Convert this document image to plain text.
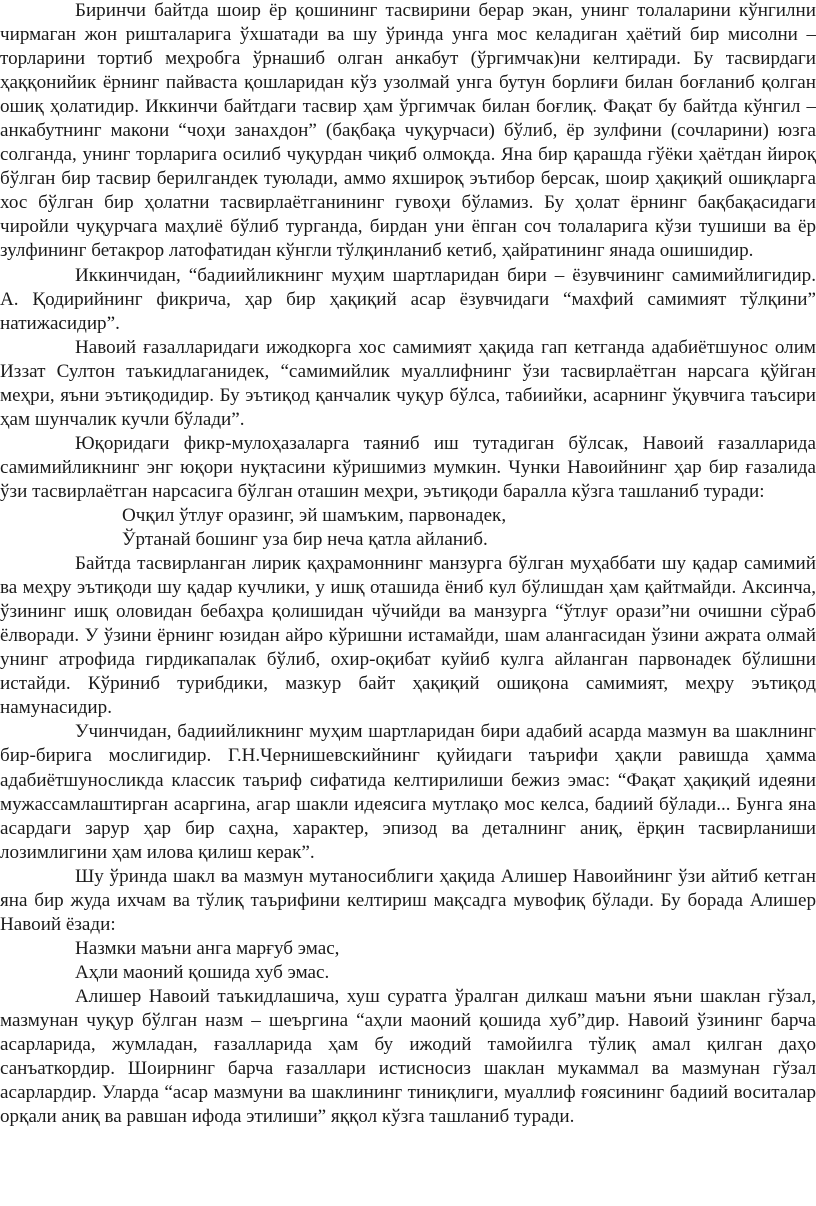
Биринчи байтда шоир ёр қошининг тасвирини берар экан, унинг толаларини кўнгилни чирмаган жон ришталарига ўхшатади ва шу ўринда унга мос келадиган ҳаётий бир мисолни – торларини тортиб меҳробга ўрнашиб олган анкабут (ўргимчак)ни келтиради. Бу тасвирдаги ҳаққонийик ёрнинг пайваста қошларидан кўз узолмай унга бутун борлиғи билан боғланиб қолган ошиқ ҳолатидир. Иккинчи байтдаги тасвир ҳам ўргимчак билан боғлиқ. Фақат бу байтда кўнгил – анкабутнинг макони “чоҳи занахдон” (бақбақа чуқурчаси) бўлиб, ёр зулфини (сочларини) юзга солганда, унинг торларига осилиб чуқурдан чиқиб олмоқда. Яна бир қарашда гўёки ҳаётдан йироқ бўлган бир тасвир берилгандек туюлади, аммо яхшироқ эътибор берсак, шоир ҳақиқий ошиқларга хос бўлган бир ҳолатни тасвирлаётганининг гувоҳи бўламиз. Бу ҳолат ёрнинг бақбақасидаги чиройли чуқурчага маҳлиё бўлиб турганда, бирдан уни ёпган соч толаларига кўзи тушиши ва ёр зулфининг бетакрор латофатидан кўнгли тўлқинланиб кетиб, ҳайратининг янада ошишидир.

Иккинчидан, “бадиийликнинг муҳим шартларидан бири – ёзувчининг самимийлигидир. А. Қодирийнинг фикрича, ҳар бир ҳақиқий асар ёзувчидаги “махфий самимият тўлқини” натижасидир”.

Навоий ғазалларидаги ижодкорга хос самимият ҳақида гап кетганда адабиётшунос олим Иззат Султон таъкидлаганидек, “самимийлик муаллифнинг ўзи тасвирлаётган нарсага қўйган меҳри, яъни эътиқодидир. Бу эътиқод қанчалик чуқур бўлса, табиийки, асарнинг ўқувчига таъсири ҳам шунчалик кучли бўлади”.

Юқоридаги фикр-мулоҳазаларга таяниб иш тутадиган бўлсак, Навоий ғазалларида самимийликнинг энг юқори нуқтасини кўришимиз мумкин. Чунки Навоийнинг ҳар бир ғазалида ўзи тасвирлаётган нарсасига бўлган оташин меҳри, эътиқоди бaралла кўзга ташланиб туради:

Очқил ўтлуғ оразинг, эй шамъким, парвонадек,

Ўртанай бошинг уза бир неча қатла айланиб.

Байтда тасвирланган лирик қаҳрамоннинг манзурга бўлган муҳаббати шу қадар самимий ва меҳру эътиқоди шу қадар кучлики, у ишқ оташида ёниб кул бўлишдан ҳам қайтмайди. Аксинча, ўзининг ишқ оловидан бебаҳра қолишидан чўчийди ва манзурга “ўтлуғ орази”ни очишни сўраб ёлворади. У ўзини ёрнинг юзидан айро кўришни истамайди, шам алангасидан ўзини ажрата олмай унинг атрофида гирдикапалак бўлиб, охир-оқибат куйиб кулга айланган парвонадек бўлишни истайди. Кўриниб турибдики, мазкур байт ҳақиқий ошиқона самимият, меҳру эътиқод намунасидир.

Учинчидан, бадиийликнинг муҳим шартларидан бири адабий асарда мазмун ва шаклнинг бир-бирига мослигидир. Г.Н.Чернишевскийнинг қуйидаги таърифи ҳақли равишда ҳамма адабиётшуносликда классик таъриф сифатида келтирилиши бежиз эмас: “Фақат ҳақиқий идеяни мужассамлаштирган асаргина, агар шакли идеясига мутлақо мос келса, бадиий бўлади... Бунга яна асардаги зарур ҳар бир саҳна, характер, эпизод ва деталнинг аниқ, ёрқин тасвирланиши лозимлигини ҳам илова қилиш керак”.

Шу ўринда шакл ва мазмун мутаносиблиги ҳақида Алишер Навоийнинг ўзи айтиб кетган яна бир жуда ихчам ва тўлиқ таърифини келтириш мақсадга мувофиқ бўлади. Бу борада Алишер Навоий ёзади:

Назмки маъни анга марғуб эмас,

Аҳли маоний қошида хуб эмас.

Алишер Навоий таъкидлашича, хуш суратга ўралган дилкаш маъни яъни шаклан гўзал, мазмунан чуқур бўлган назм – шеъргина “аҳли маоний қошида хуб”дир. Навоий ўзининг барча асарларида, жумладан, ғазалларида ҳам бу ижодий тамойилга тўлиқ амал қилган даҳо санъаткордир. Шоирнинг барча ғазаллари истисносиз шаклан мукаммал ва мазмунан гўзал асарлардир. Уларда “асар мазмуни ва шаклининг тиниқлиги, муаллиф ғоясининг бадиий воситалар орқали аниқ ва равшан ифода этилиши” яққол кўзга ташланиб туради.
